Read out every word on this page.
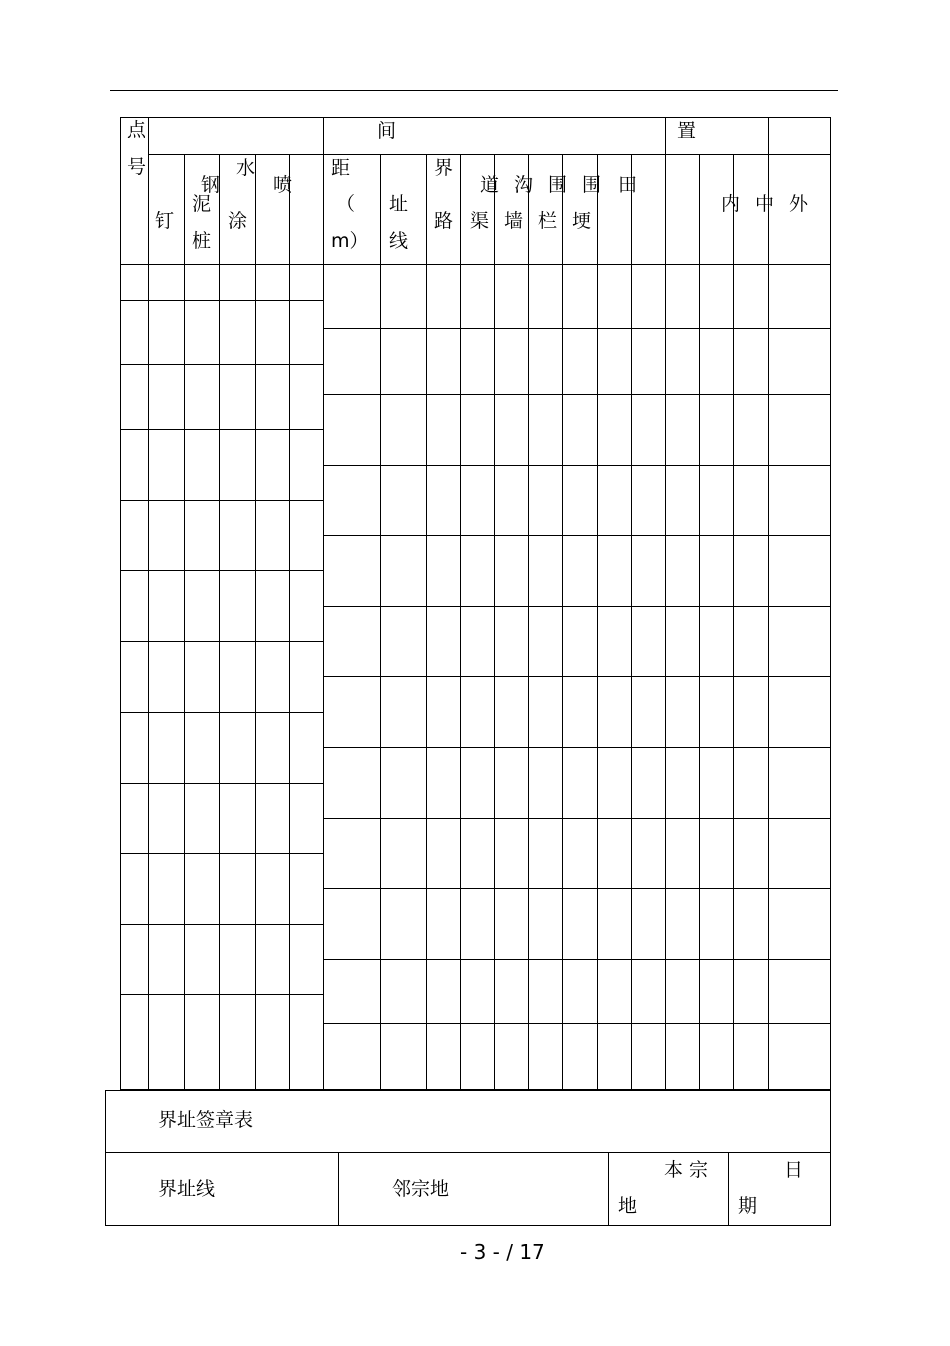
点
号
间	置
钉
钢
泥
桩
水
涂
喷
距
（
m）
址
线
界
路
道
渠
沟
墙
围
栏
围
埂
田
内 中 外
界址签章表
界址线	邻宗地
本 宗
地
日
期
- 3 - / 17
